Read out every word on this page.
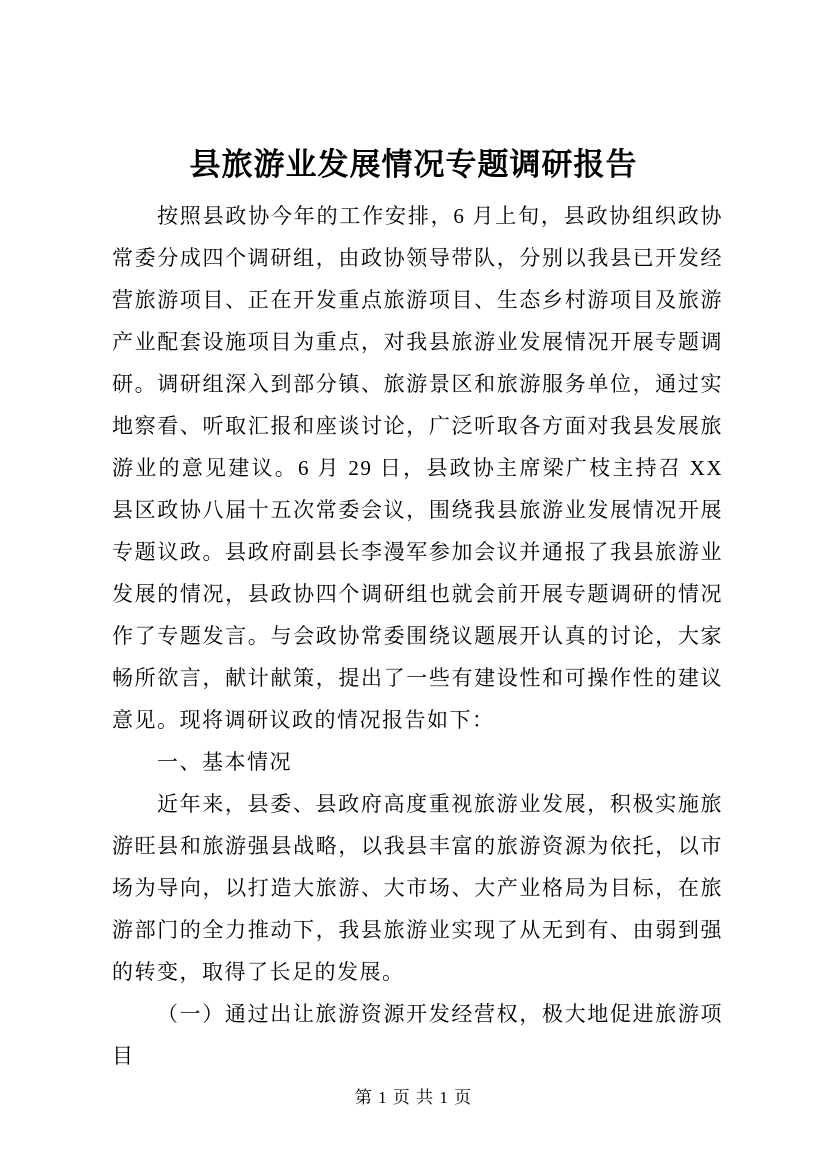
县旅游业发展情况专题调研报告

按照县政协今年的工作安排，6 月上旬，县政协组织政协常委分成四个调研组，由政协领导带队，分别以我县已开发经营旅游项目、正在开发重点旅游项目、生态乡村游项目及旅游产业配套设施项目为重点，对我县旅游业发展情况开展专题调研。调研组深入到部分镇、旅游景区和旅游服务单位，通过实地察看、听取汇报和座谈讨论，广泛听取各方面对我县发展旅游业的意见建议。6 月 29 日，县政协主席梁广枝主持召 XX 县区政协八届十五次常委会议，围绕我县旅游业发展情况开展专题议政。县政府副县长李漫军参加会议并通报了我县旅游业发展的情况，县政协四个调研组也就会前开展专题调研的情况作了专题发言。与会政协常委围绕议题展开认真的讨论，大家畅所欲言，献计献策，提出了一些有建设性和可操作性的建议意见。现将调研议政的情况报告如下：

一、基本情况

近年来，县委、县政府高度重视旅游业发展，积极实施旅游旺县和旅游强县战略，以我县丰富的旅游资源为依托，以市场为导向，以打造大旅游、大市场、大产业格局为目标，在旅游部门的全力推动下，我县旅游业实现了从无到有、由弱到强的转变，取得了长足的发展。

（一）通过出让旅游资源开发经营权，极大地促进旅游项目

第 1 页 共 1 页
